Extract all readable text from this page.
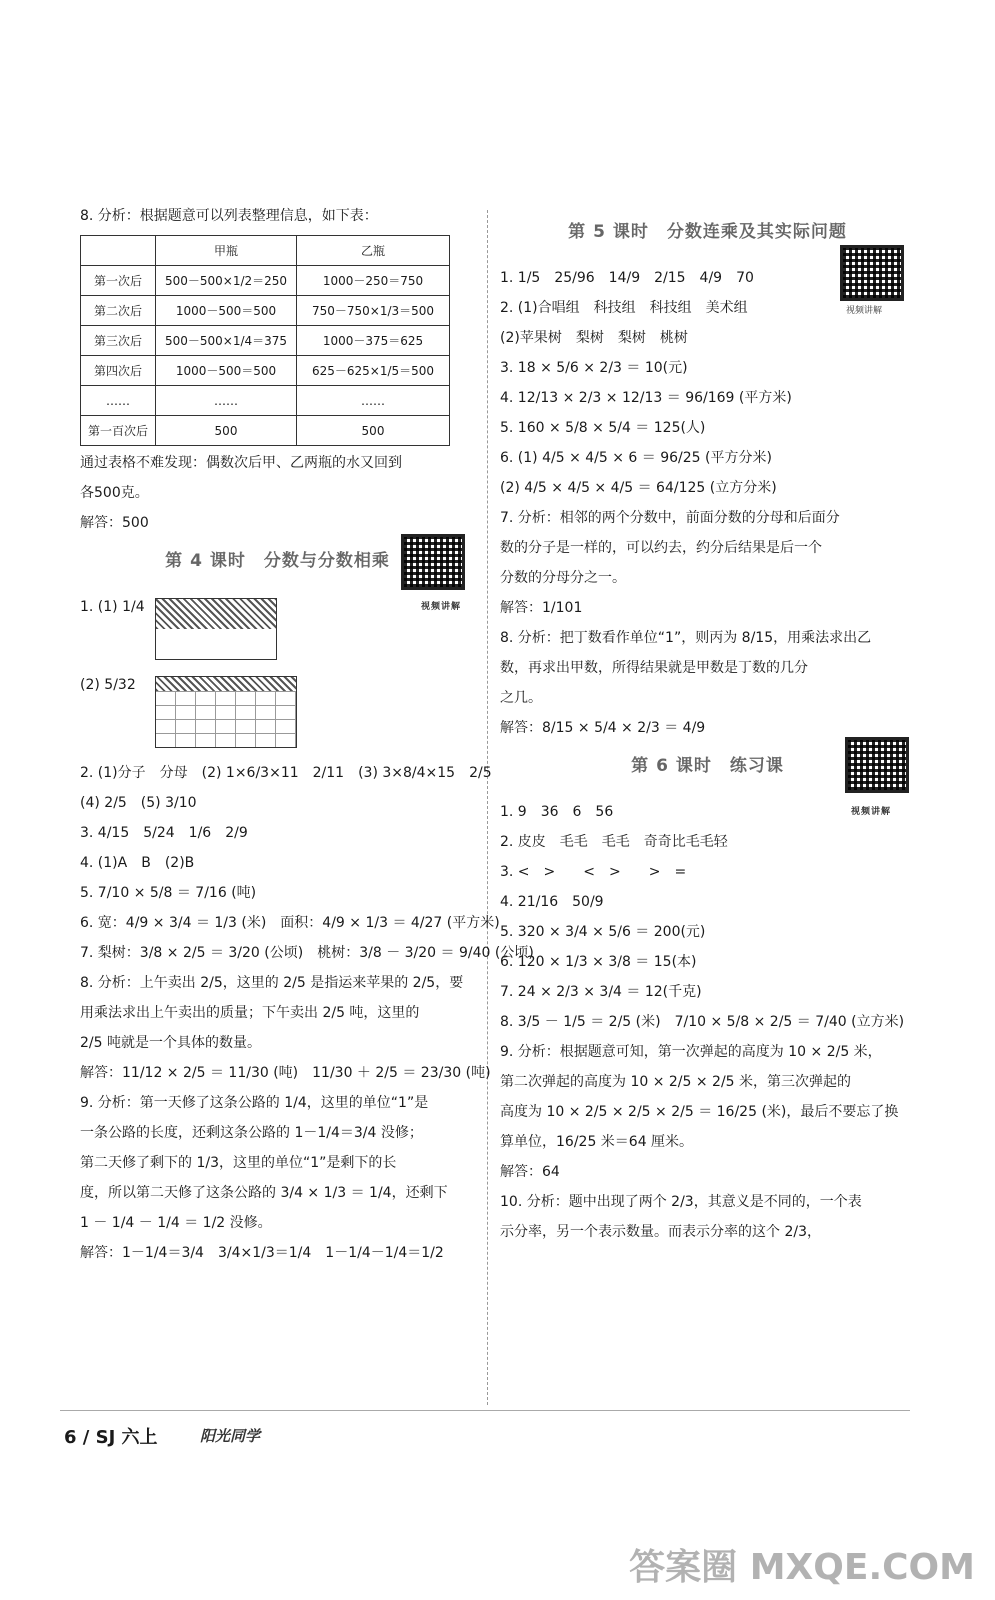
8. 分析：根据题意可以列表整理信息，如下表：
	甲瓶	乙瓶
第一次后	500－500×1/2＝250	1000－250＝750
第二次后	1000－500＝500	750－750×1/3＝500
第三次后	500－500×1/4＝375	1000－375＝625
第四次后	1000－500＝500	625－625×1/5＝500
……	……	……
第一百次后	500	500
通过表格不难发现：偶数次后甲、乙两瓶的水又回到
各500克。
解答：500
第 4 课时　分数与分数相乘
视频讲解
1. (1) 1/4
(2) 5/32
2. (1)分子　分母　(2) 1×6/3×11　2/11　(3) 3×8/4×15　2/5
(4) 2/5　(5) 3/10
3. 4/15　5/24　1/6　2/9
4. (1)A　B　(2)B
5. 7/10 × 5/8 ＝ 7/16 (吨)
6. 宽：4/9 × 3/4 ＝ 1/3 (米)　面积：4/9 × 1/3 ＝ 4/27 (平方米)
7. 梨树：3/8 × 2/5 ＝ 3/20 (公顷)　桃树：3/8 － 3/20 ＝ 9/40 (公顷)
8. 分析：上午卖出 2/5，这里的 2/5 是指运来苹果的 2/5，要
用乘法求出上午卖出的质量；下午卖出 2/5 吨，这里的
2/5 吨就是一个具体的数量。
解答：11/12 × 2/5 ＝ 11/30 (吨)　11/30 ＋ 2/5 ＝ 23/30 (吨)
9. 分析：第一天修了这条公路的 1/4，这里的单位“1”是
一条公路的长度，还剩这条公路的 1－1/4＝3/4 没修；
第二天修了剩下的 1/3，这里的单位“1”是剩下的长
度，所以第二天修了这条公路的 3/4 × 1/3 ＝ 1/4，还剩下
1 － 1/4 － 1/4 ＝ 1/2 没修。
解答：1－1/4＝3/4　3/4×1/3＝1/4　1－1/4－1/4＝1/2
第 5 课时　分数连乘及其实际问题
视频讲解
1. 1/5　25/96　14/9　2/15　4/9　70
2. (1)合唱组　科技组　科技组　美术组
(2)苹果树　梨树　梨树　桃树
3. 18 × 5/6 × 2/3 ＝ 10(元)
4. 12/13 × 2/3 × 12/13 ＝ 96/169 (平方米)
5. 160 × 5/8 × 5/4 ＝ 125(人)
6. (1) 4/5 × 4/5 × 6 ＝ 96/25 (平方分米)
(2) 4/5 × 4/5 × 4/5 ＝ 64/125 (立方分米)
7. 分析：相邻的两个分数中，前面分数的分母和后面分
数的分子是一样的，可以约去，约分后结果是后一个
分数的分母分之一。
解答：1/101
8. 分析：把丁数看作单位“1”，则丙为 8/15，用乘法求出乙
数，再求出甲数，所得结果就是甲数是丁数的几分
之几。
解答：8/15 × 5/4 × 2/3 ＝ 4/9
第 6 课时　练习课
视频讲解
1. 9　36　6　56
2. 皮皮　毛毛　毛毛　奇奇比毛毛轻
3. <　>　　<　>　　>　=
4. 21/16　50/9
5. 320 × 3/4 × 5/6 ＝ 200(元)
6. 120 × 1/3 × 3/8 ＝ 15(本)
7. 24 × 2/3 × 3/4 ＝ 12(千克)
8. 3/5 － 1/5 ＝ 2/5 (米)　7/10 × 5/8 × 2/5 ＝ 7/40 (立方米)
9. 分析：根据题意可知，第一次弹起的高度为 10 × 2/5 米，
第二次弹起的高度为 10 × 2/5 × 2/5 米，第三次弹起的
高度为 10 × 2/5 × 2/5 × 2/5 ＝ 16/25 (米)，最后不要忘了换
算单位，16/25 米＝64 厘米。
解答：64
10. 分析：题中出现了两个 2/3，其意义是不同的，一个表
示分率，另一个表示数量。而表示分率的这个 2/3，
6 / SJ 六上	阳光同学
答案圈 MXQE.COM
